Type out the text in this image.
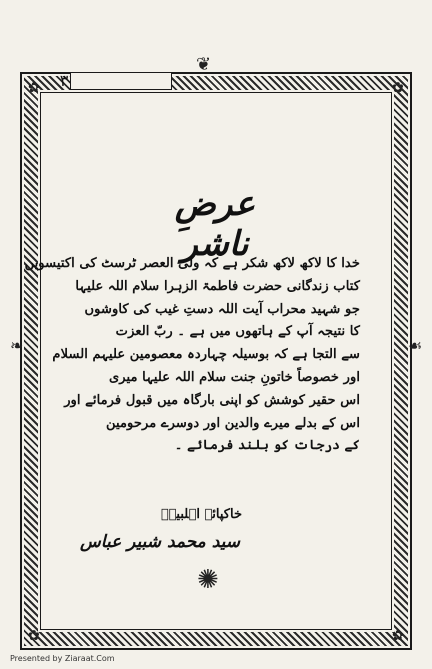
۳
❦
❧	☙
✿	✿
✿	✿
عرضِ ناشر
خدا کا لاکھ لاکھ شکر ہے کہ ولی العصر ٹرسٹ کی اکتیسویں
کتاب زندگانی حضرت فاطمۃ الزہرا سلام اللہ علیہا
جو شہید محراب آیت اللہ دستِ غیب کی کاوشوں
کا نتیجہ آپ کے ہاتھوں میں ہے ۔ ربّ العزت
سے التجا ہے کہ بوسیلہ چہاردہ معصومین علیہم السلام
اور خصوصاً خاتونِ جنت سلام اللہ علیہا میری
اس حقیر کوشش کو اپنی بارگاہ میں قبول فرمائے اور
اس کے بدلے میرے والدین اور دوسرے مرحومین
کے درجات کو بلند فرمائے ۔
خاکپائے اہلبیتؑ
سید محمد شبیر عباس
✺
Presented by Ziaraat.Com
